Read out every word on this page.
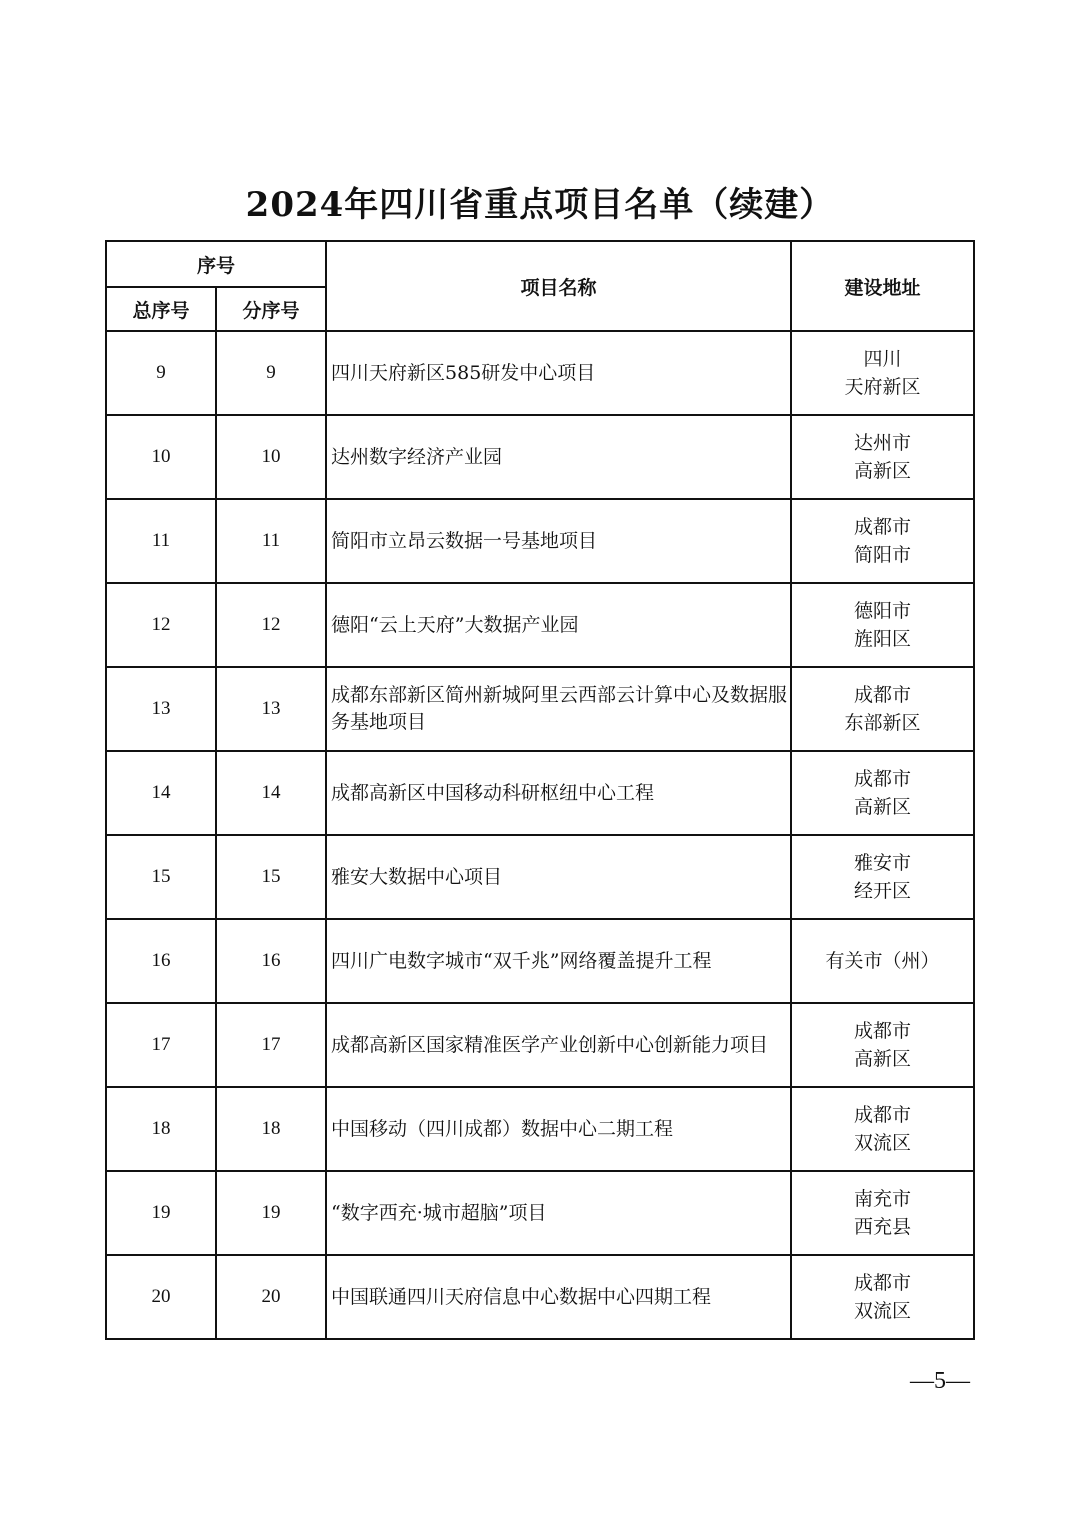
2024年四川省重点项目名单（续建）
序号		项目名称	建设地址
总序号	分序号		
9	9	四川天府新区585研发中心项目	四川
天府新区

10	10	达州数字经济产业园	达州市
高新区

11	11	简阳市立昂云数据一号基地项目	成都市
简阳市

12	12	德阳“云上天府”大数据产业园	德阳市
旌阳区

13	13	成都东部新区简州新城阿里云西部云计算中心及数据服务基地项目	成都市
东部新区

14	14	成都高新区中国移动科研枢纽中心工程	成都市
高新区

15	15	雅安大数据中心项目	雅安市
经开区

16	16	四川广电数字城市“双千兆”网络覆盖提升工程	有关市（州）

17	17	成都高新区国家精准医学产业创新中心创新能力项目	成都市
高新区

18	18	中国移动（四川成都）数据中心二期工程	成都市
双流区

19	19	“数字西充·城市超脑”项目	南充市
西充县

20	20	中国联通四川天府信息中心数据中心四期工程	成都市
双流区
—5—
